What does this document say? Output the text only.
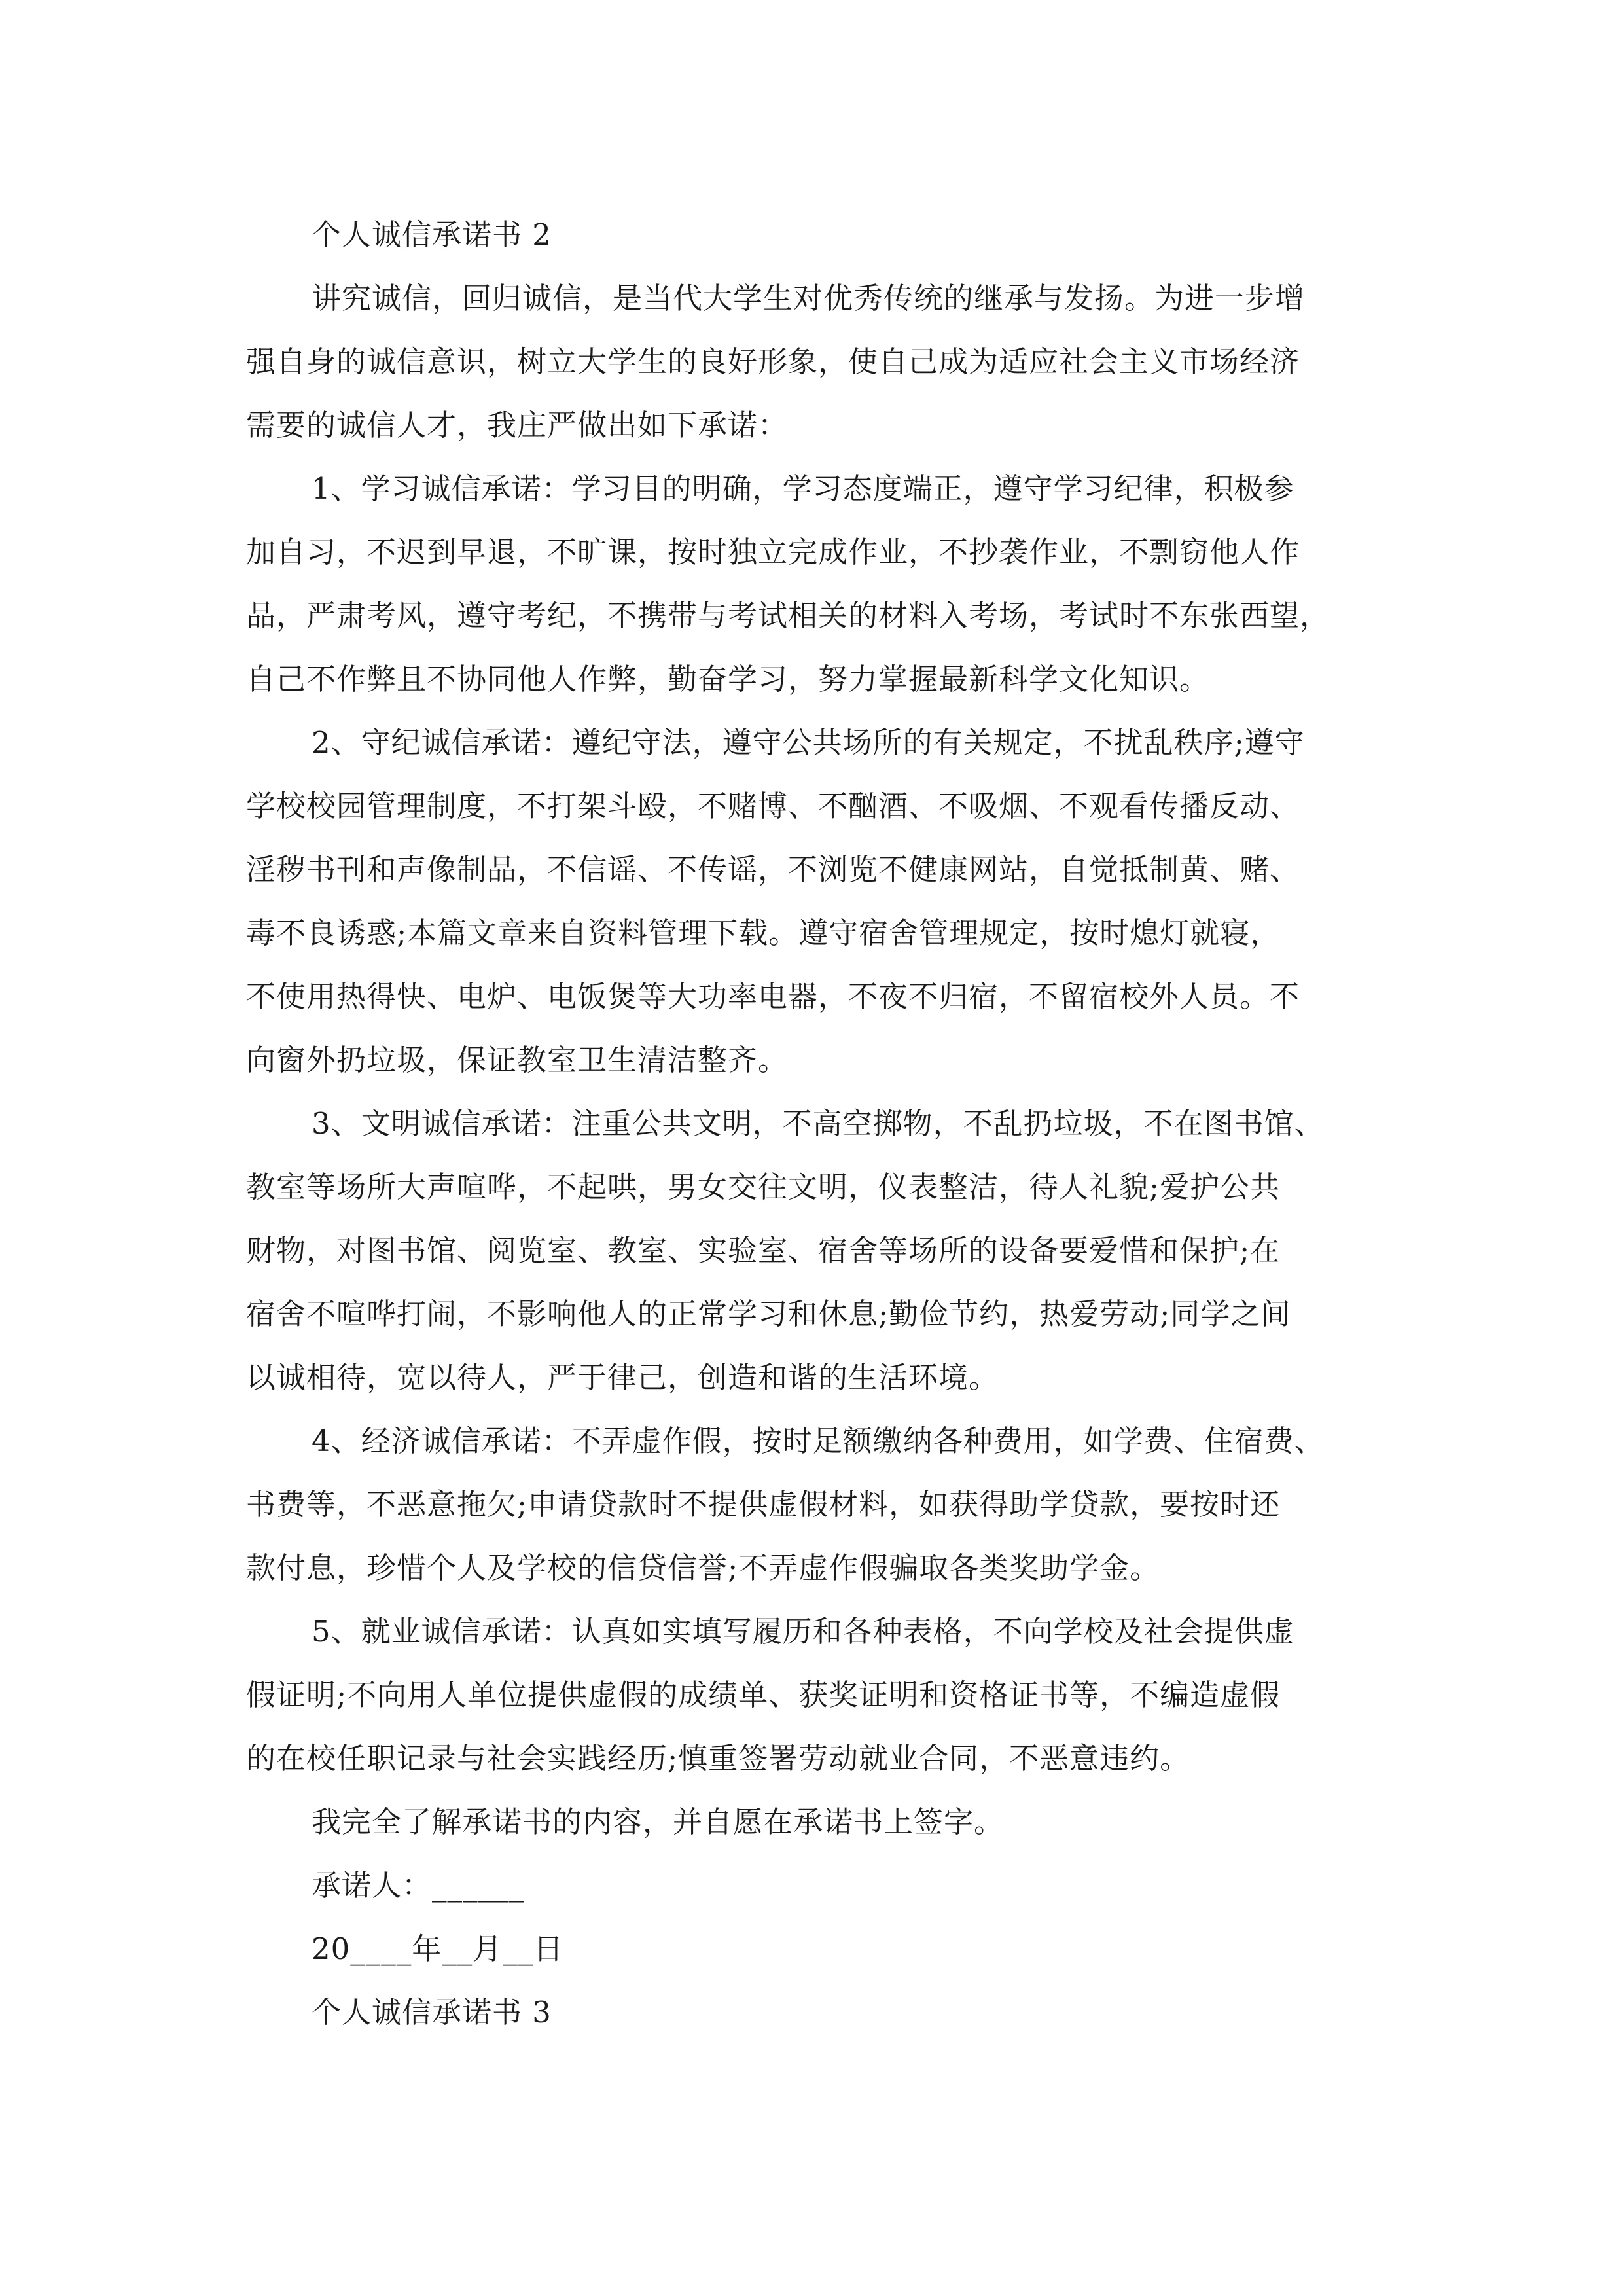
个人诚信承诺书 2
讲究诚信，回归诚信，是当代大学生对优秀传统的继承与发扬。为进一步增
强自身的诚信意识，树立大学生的良好形象，使自己成为适应社会主义市场经济
需要的诚信人才，我庄严做出如下承诺：
1、学习诚信承诺：学习目的明确，学习态度端正，遵守学习纪律，积极参
加自习，不迟到早退，不旷课，按时独立完成作业，不抄袭作业，不剽窃他人作
品，严肃考风，遵守考纪，不携带与考试相关的材料入考场，考试时不东张西望，
自己不作弊且不协同他人作弊，勤奋学习，努力掌握最新科学文化知识。
2、守纪诚信承诺：遵纪守法，遵守公共场所的有关规定，不扰乱秩序;遵守
学校校园管理制度，不打架斗殴，不赌博、不酗酒、不吸烟、不观看传播反动、
淫秽书刊和声像制品，不信谣、不传谣，不浏览不健康网站，自觉抵制黄、赌、
毒不良诱惑;本篇文章来自资料管理下载。遵守宿舍管理规定，按时熄灯就寝，
不使用热得快、电炉、电饭煲等大功率电器，不夜不归宿，不留宿校外人员。不
向窗外扔垃圾，保证教室卫生清洁整齐。
3、文明诚信承诺：注重公共文明，不高空掷物，不乱扔垃圾，不在图书馆、
教室等场所大声喧哗，不起哄，男女交往文明，仪表整洁，待人礼貌;爱护公共
财物，对图书馆、阅览室、教室、实验室、宿舍等场所的设备要爱惜和保护;在
宿舍不喧哗打闹，不影响他人的正常学习和休息;勤俭节约，热爱劳动;同学之间
以诚相待，宽以待人，严于律己，创造和谐的生活环境。
4、经济诚信承诺：不弄虚作假，按时足额缴纳各种费用，如学费、住宿费、
书费等，不恶意拖欠;申请贷款时不提供虚假材料，如获得助学贷款，要按时还
款付息，珍惜个人及学校的信贷信誉;不弄虚作假骗取各类奖助学金。
5、就业诚信承诺：认真如实填写履历和各种表格，不向学校及社会提供虚
假证明;不向用人单位提供虚假的成绩单、获奖证明和资格证书等，不编造虚假
的在校任职记录与社会实践经历;慎重签署劳动就业合同，不恶意违约。
我完全了解承诺书的内容，并自愿在承诺书上签字。
承诺人：______
20____年__月__日
个人诚信承诺书 3
